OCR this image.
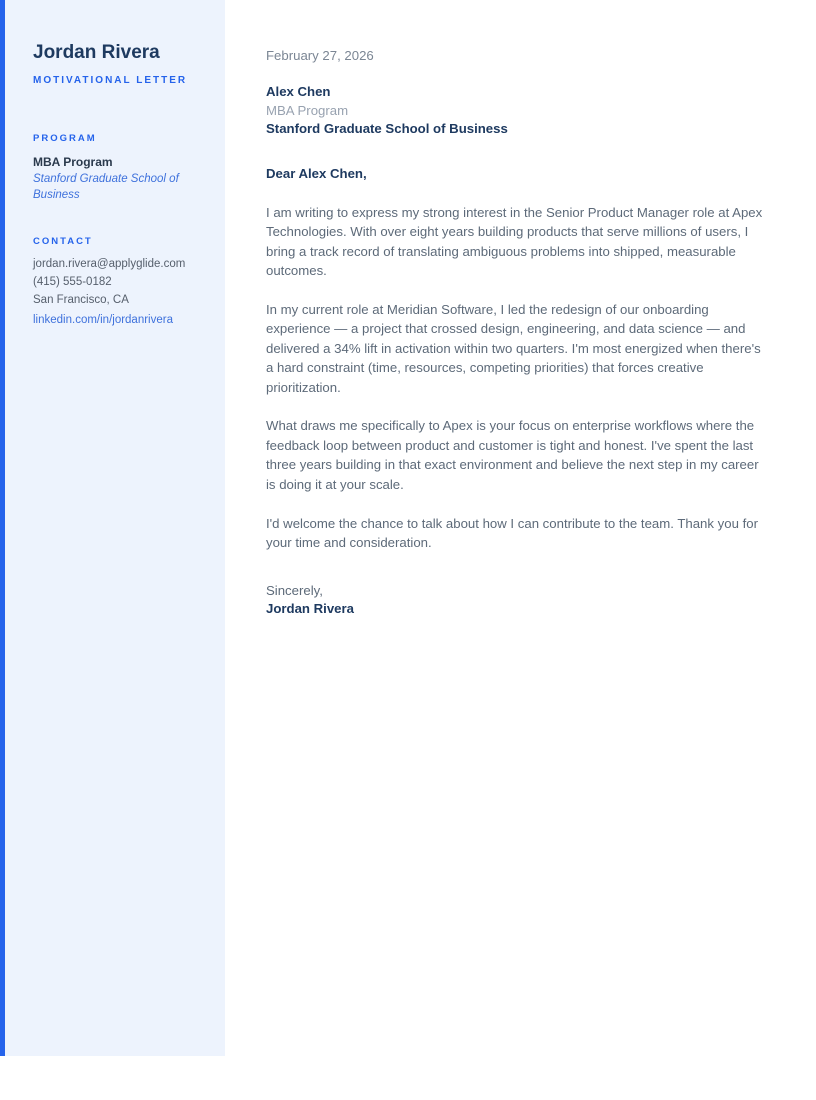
Jordan Rivera
MOTIVATIONAL LETTER
PROGRAM
MBA Program
Stanford Graduate School of Business
CONTACT
jordan.rivera@applyglide.com
(415) 555-0182
San Francisco, CA
linkedin.com/in/jordanrivera
February 27, 2026
Alex Chen
MBA Program
Stanford Graduate School of Business
Dear Alex Chen,

I am writing to express my strong interest in the Senior Product Manager role at Apex Technologies. With over eight years building products that serve millions of users, I bring a track record of translating ambiguous problems into shipped, measurable outcomes.

In my current role at Meridian Software, I led the redesign of our onboarding experience — a project that crossed design, engineering, and data science — and delivered a 34% lift in activation within two quarters. I'm most energized when there's a hard constraint (time, resources, competing priorities) that forces creative prioritization.

What draws me specifically to Apex is your focus on enterprise workflows where the feedback loop between product and customer is tight and honest. I've spent the last three years building in that exact environment and believe the next step in my career is doing it at your scale.

I'd welcome the chance to talk about how I can contribute to the team. Thank you for your time and consideration.

Sincerely,
Jordan Rivera
